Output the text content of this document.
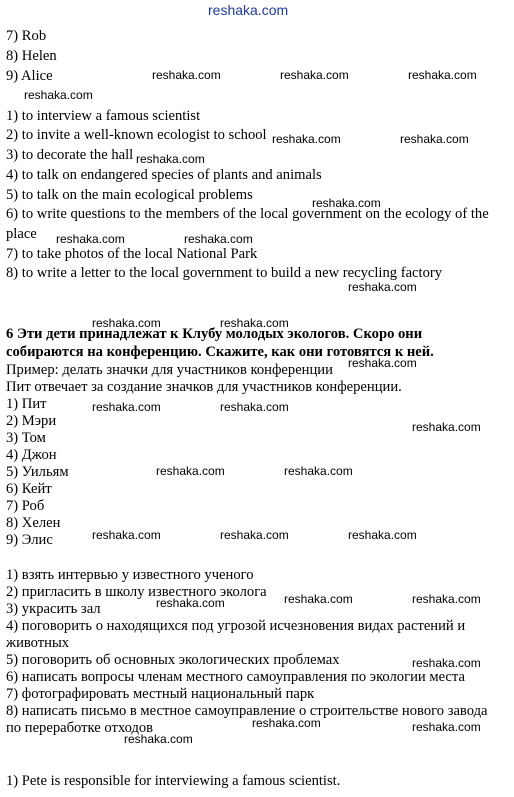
reshaka.com

7) Rob

8) Helen

9) Alice

1) to interview a famous scientist

2) to invite a well-known ecologist to school

3) to decorate the hall

4) to talk on endangered species of plants and animals

5) to talk on the main ecological problems

6) to write questions to the members of the local government on the ecology of the

place

7) to take photos of the local National Park

8) to write a letter to the local government to build a new recycling factory

6 Эти дети принадлежат к Клубу молодых экологов. Скоро они

собираются на конференцию. Скажите, как они готовятся к ней.

Пример: делать значки для участников конференции

Пит отвечает за создание значков для участников конференции.

1) Пит

2) Мэри

3) Том

4) Джон

5) Уильям

6) Кейт

7) Роб

8) Хелен

9) Элис

1) взять интервью у известного ученого

2) пригласить в школу известного эколога

3) украсить зал

4) поговорить о находящихся под угрозой исчезновения видах растений и

животных

5) поговорить об основных экологических проблемах

6) написать вопросы членам местного самоуправления по экологии места

7) фотографировать местный национальный парк

8) написать письмо в местное самоуправление о строительстве нового завода

по переработке отходов

1) Pete is responsible for interviewing a famous scientist.

reshaka.com	reshaka.com	reshaka.com
reshaka.com
reshaka.com	reshaka.com
reshaka.com
reshaka.com
reshaka.com	reshaka.com
reshaka.com
reshaka.com	reshaka.com
reshaka.com
reshaka.com	reshaka.com
reshaka.com
reshaka.com	reshaka.com
reshaka.com	reshaka.com	reshaka.com
reshaka.com	reshaka.com
reshaka.com
reshaka.com
reshaka.com	reshaka.com
reshaka.com
